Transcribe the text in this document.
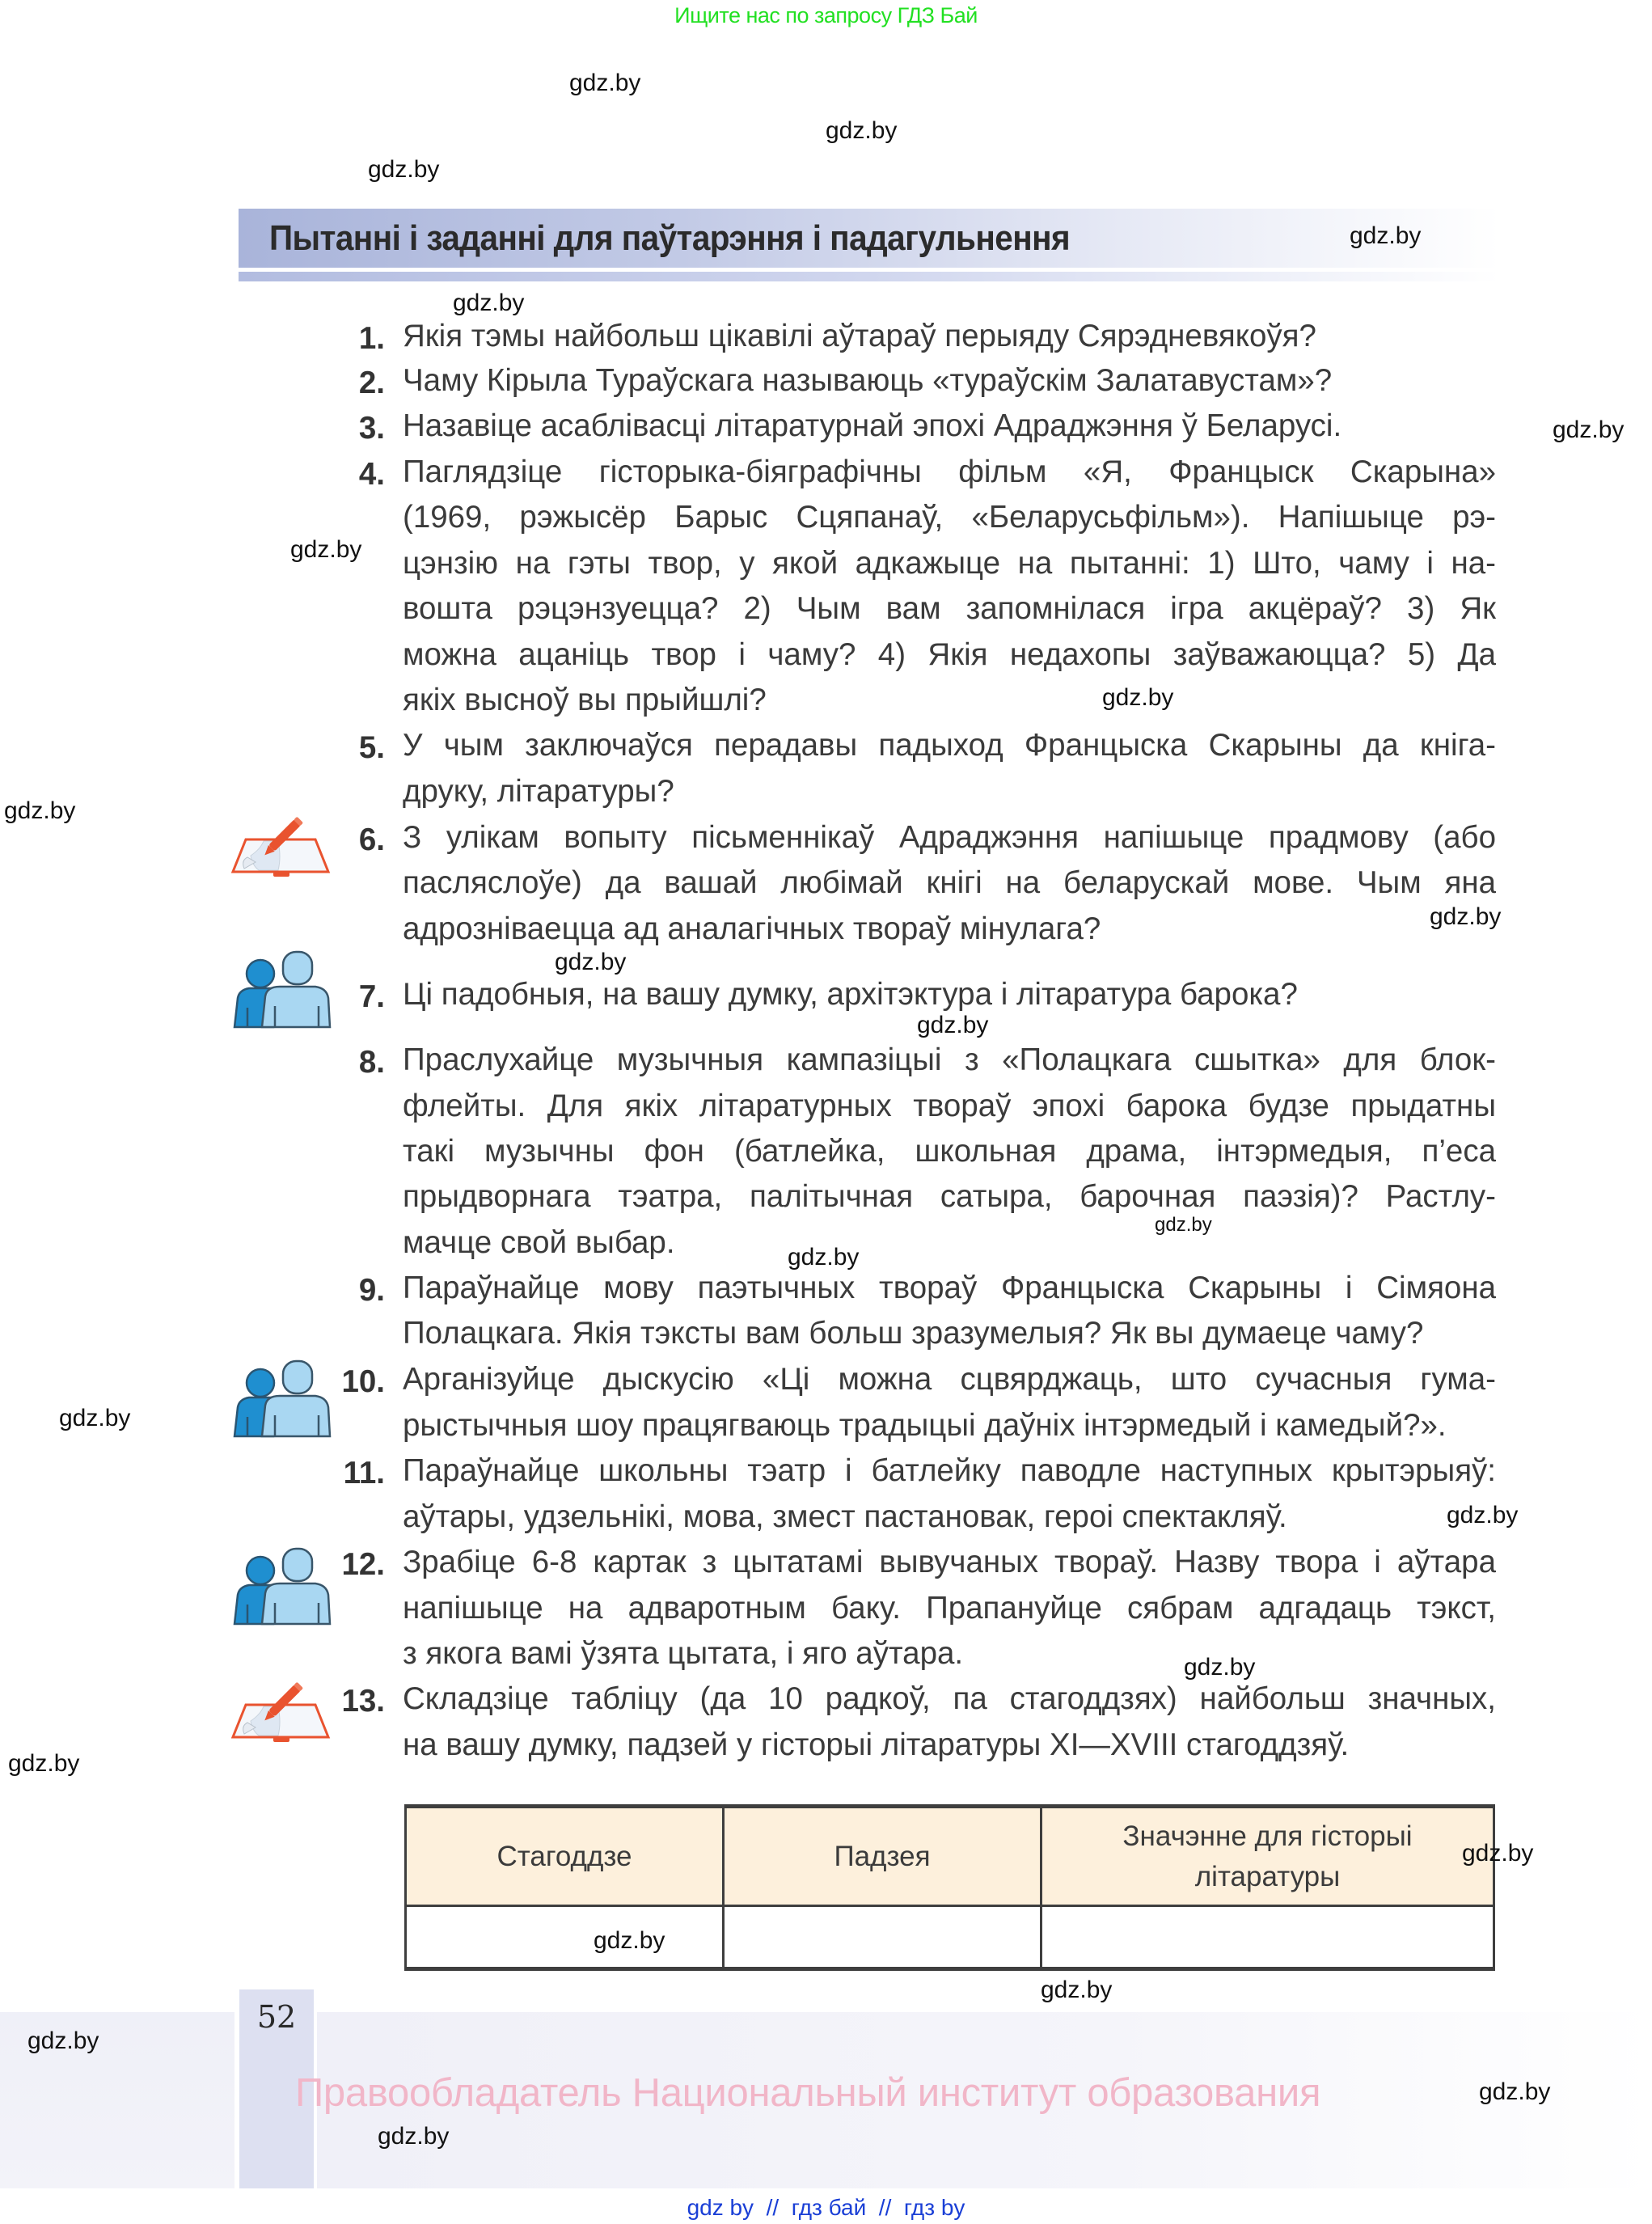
Ищите нас по запросу ГДЗ Бай
Пытанні і заданні для паўтарэння і падагульнення
1. Якія тэмы найбольш цікавілі аўтараў перыяду Сярэдневякоўя?
2. Чаму Кірыла Тураўскага называюць «тураўскім Залатавустам»?
3. Назавіце асаблівасці літаратурнай эпохі Адраджэння ў Беларусі.
4. Паглядзіце гісторыка-біяграфічны фільм «Я, Францыск Скарына»
(1969, рэжысёр Барыс Сцяпанаў, «Беларусьфільм»). Напішыце рэ-
цэнзію на гэты твор, у якой адкажыце на пытанні: 1) Што, чаму і на-
вошта рэцэнзуецца? 2) Чым вам запомнілася ігра акцёраў? 3) Як
можна ацаніць твор і чаму? 4) Якія недахопы заўважаюцца? 5) Да
якіх высноў вы прыйшлі?
5. У чым заключаўся перадавы падыход Францыска Скарыны да кніга-
друку, літаратуры?
6. З улікам вопыту пісьменнікаў Адраджэння напішыце прадмову (або
пасляслоўе) да вашай любімай кнігі на беларускай мове. Чым яна
адрозніваецца ад аналагічных твораў мінулага?
7. Ці падобныя, на вашу думку, архітэктура і літаратура барока?
8. Праслухайце музычныя кампазіцыі з «Полацкага сшытка» для блок-
флейты. Для якіх літаратурных твораў эпохі барока будзе прыдатны
такі музычны фон (батлейка, школьная драма, інтэрмедыя, п’еса
прыдворнага тэатра, палітычная сатыра, барочная паэзія)? Растлу-
мачце свой выбар.
9. Параўнайце мову паэтычных твораў Францыска Скарыны і Сімяона
Полацкага. Якія тэксты вам больш зразумелыя? Як вы думаеце чаму?
10. Арганізуйце дыскусію «Ці можна сцвярджаць, што сучасныя гума-
рыстычныя шоу працягваюць традыцыі даўніх інтэрмедый і камедый?».
11. Параўнайце школьны тэатр і батлейку паводле наступных крытэрыяў:
аўтары, удзельнікі, мова, змест пастановак, героі спектакляў.
12. Зрабіце 6-8 картак з цытатамі вывучаных твораў. Назву твора і аўтара
напішыце на адваротным баку. Прапануйце сябрам адгадаць тэкст,
з якога вамі ўзята цытата, і яго аўтара.
13. Складзіце табліцу (да 10 радкоў, па стагоддзях) найбольш значных,
на вашу думку, падзей у гісторыі літаратуры XI—XVIII стагоддзяў.
Стагоддзе	Падзея	Значэнне для гісторыі
літаратуры

52
Правообладатель Национальный институт образования
gdz by  //  гдз бай  //  гдз by
gdz.by
gdz.by
gdz.by
gdz.by
gdz.by
gdz.by
gdz.by
gdz.by
gdz.by
gdz.by
gdz.by
gdz.by
gdz.by
gdz.by
gdz.by
gdz.by
gdz.by
gdz.by
gdz.by
gdz.by
gdz.by
gdz.by
gdz.by
gdz.by
